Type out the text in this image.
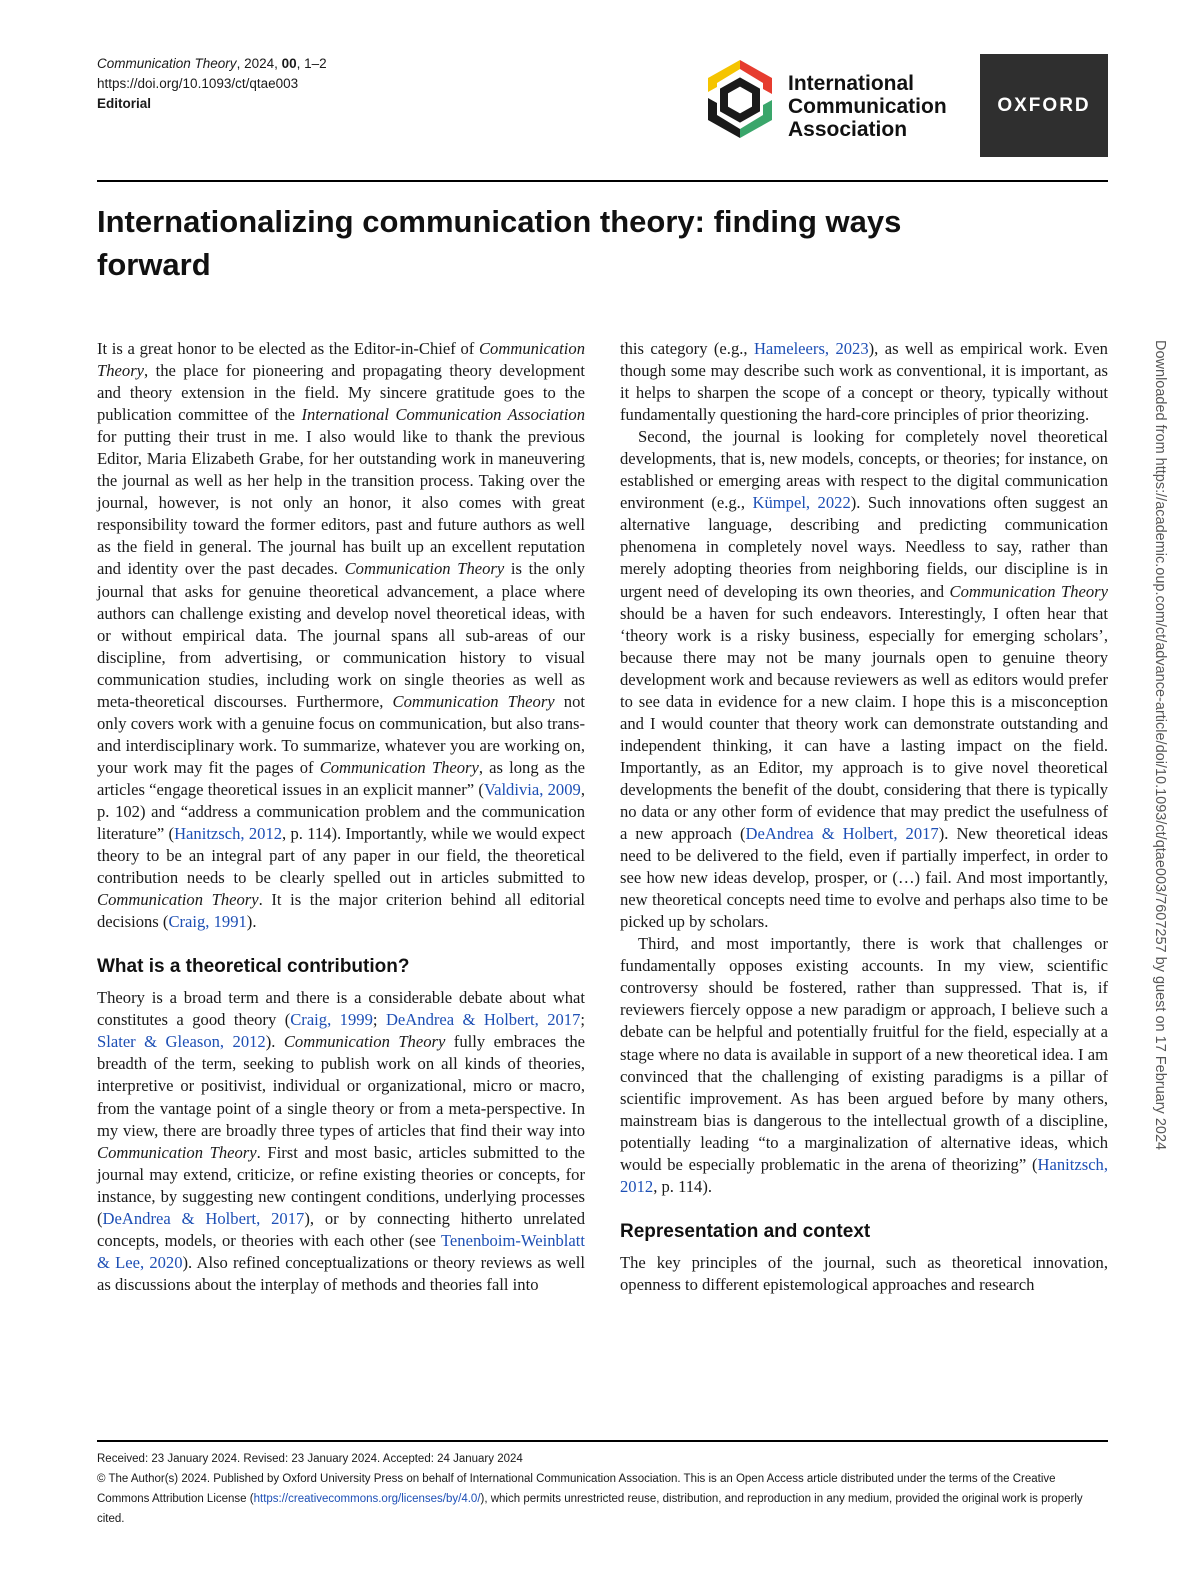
Communication Theory, 2024, 00, 1–2
https://doi.org/10.1093/ct/qtae003
Editorial
International
Communication
Association
OXFORD
Internationalizing communication theory: finding ways forward

It is a great honor to be elected as the Editor-in-Chief of Communication Theory, the place for pioneering and propagating theory development and theory extension in the field. My sincere gratitude goes to the publication committee of the International Communication Association for putting their trust in me. I also would like to thank the previous Editor, Maria Elizabeth Grabe, for her outstanding work in maneuvering the journal as well as her help in the transition process. Taking over the journal, however, is not only an honor, it also comes with great responsibility toward the former editors, past and future authors as well as the field in general. The journal has built up an excellent reputation and identity over the past decades. Communication Theory is the only journal that asks for genuine theoretical advancement, a place where authors can challenge existing and develop novel theoretical ideas, with or without empirical data. The journal spans all sub-areas of our discipline, from advertising, or communication history to visual communication studies, including work on single theories as well as meta-theoretical discourses. Furthermore, Communication Theory not only covers work with a genuine focus on communication, but also trans- and interdisciplinary work. To summarize, whatever you are working on, your work may fit the pages of Communication Theory, as long as the articles “engage theoretical issues in an explicit manner” (Valdivia, 2009, p. 102) and “address a communication problem and the communication literature” (Hanitzsch, 2012, p. 114). Importantly, while we would expect theory to be an integral part of any paper in our field, the theoretical contribution needs to be clearly spelled out in articles submitted to Communication Theory. It is the major criterion behind all editorial decisions (Craig, 1991).

What is a theoretical contribution?

Theory is a broad term and there is a considerable debate about what constitutes a good theory (Craig, 1999; DeAndrea & Holbert, 2017; Slater & Gleason, 2012). Communication Theory fully embraces the breadth of the term, seeking to publish work on all kinds of theories, interpretive or positivist, individual or organizational, micro or macro, from the vantage point of a single theory or from a meta-perspective. In my view, there are broadly three types of articles that find their way into Communication Theory. First and most basic, articles submitted to the journal may extend, criticize, or refine existing theories or concepts, for instance, by suggesting new contingent conditions, underlying processes (DeAndrea & Holbert, 2017), or by connecting hitherto unrelated concepts, models, or theories with each other (see Tenenboim-Weinblatt & Lee, 2020). Also refined conceptualizations or theory reviews as well as discussions about the interplay of methods and theories fall into

this category (e.g., Hameleers, 2023), as well as empirical work. Even though some may describe such work as conventional, it is important, as it helps to sharpen the scope of a concept or theory, typically without fundamentally questioning the hard-core principles of prior theorizing.

Second, the journal is looking for completely novel theoretical developments, that is, new models, concepts, or theories; for instance, on established or emerging areas with respect to the digital communication environment (e.g., Kümpel, 2022). Such innovations often suggest an alternative language, describing and predicting communication phenomena in completely novel ways. Needless to say, rather than merely adopting theories from neighboring fields, our discipline is in urgent need of developing its own theories, and Communication Theory should be a haven for such endeavors. Interestingly, I often hear that ‘theory work is a risky business, especially for emerging scholars’, because there may not be many journals open to genuine theory development work and because reviewers as well as editors would prefer to see data in evidence for a new claim. I hope this is a misconception and I would counter that theory work can demonstrate outstanding and independent thinking, it can have a lasting impact on the field. Importantly, as an Editor, my approach is to give novel theoretical developments the benefit of the doubt, considering that there is typically no data or any other form of evidence that may predict the usefulness of a new approach (DeAndrea & Holbert, 2017). New theoretical ideas need to be delivered to the field, even if partially imperfect, in order to see how new ideas develop, prosper, or (…) fail. And most importantly, new theoretical concepts need time to evolve and perhaps also time to be picked up by scholars.

Third, and most importantly, there is work that challenges or fundamentally opposes existing accounts. In my view, scientific controversy should be fostered, rather than suppressed. That is, if reviewers fiercely oppose a new paradigm or approach, I believe such a debate can be helpful and potentially fruitful for the field, especially at a stage where no data is available in support of a new theoretical idea. I am convinced that the challenging of existing paradigms is a pillar of scientific improvement. As has been argued before by many others, mainstream bias is dangerous to the intellectual growth of a discipline, potentially leading “to a marginalization of alternative ideas, which would be especially problematic in the arena of theorizing” (Hanitzsch, 2012, p. 114).

Representation and context

The key principles of the journal, such as theoretical innovation, openness to different epistemological approaches and research

Received: 23 January 2024. Revised: 23 January 2024. Accepted: 24 January 2024

© The Author(s) 2024. Published by Oxford University Press on behalf of International Communication Association. This is an Open Access article distributed under the terms of the Creative Commons Attribution License (https://creativecommons.org/licenses/by/4.0/), which permits unrestricted reuse, distribution, and reproduction in any medium, provided the original work is properly cited.

Downloaded from https://academic.oup.com/ct/advance-article/doi/10.1093/ct/qtae003/7607257 by guest on 17 February 2024
